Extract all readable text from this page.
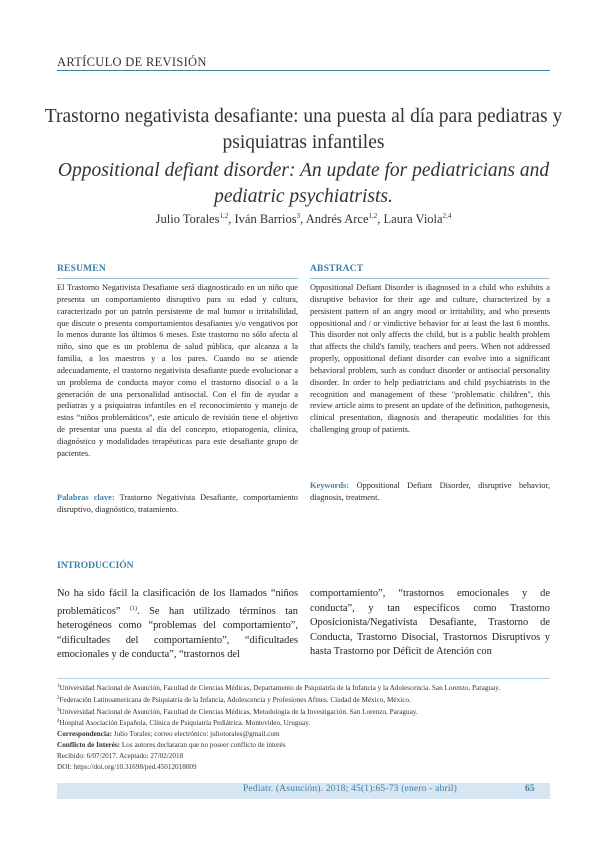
ARTÍCULO DE REVISIÓN
Trastorno negativista desafiante: una puesta al día para pediatras y psiquiatras infantiles
Oppositional defiant disorder: An update for pediatricians and pediatric psychiatrists.
Julio Torales$^{1,2}$, Iván Barrios$^3$, Andrés Arce$^{1,2}$, Laura Viola$^{2,4}$
RESUMEN
El Trastorno Negativista Desafiante será diagnosticado en un niño que presenta un comportamiento disruptivo para su edad y cultura, caracterizado por un patrón persistente de mal humor o irritabilidad, que discute o presenta comportamientos desafiantes y/o vengativos por lo menos durante los últimos 6 meses. Este trastorno no sólo afecta al niño, sino que es un problema de salud pública, que alcanza a la familia, a los maestros y a los pares. Cuando no se atiende adecuadamente, el trastorno negativista desafiante puede evolucionar a un problema de conducta mayor como el trastorno disocial o a la generación de una personalidad antisocial. Con el fin de ayudar a pediatras y a psiquiatras infantiles en el reconocimiento y manejo de estos “niños problemáticos”, este artículo de revisión tiene el objetivo de presentar una puesta al día del concepto, etiopatogenia, clínica, diagnóstico y modalidades terapéuticas para este desafiante grupo de pacientes.
Palabras clave: Trastorno Negativista Desafiante, comportamiento disruptivo, diagnóstico, tratamiento.
ABSTRACT
Oppositional Defiant Disorder is diagnosed in a child who exhibits a disruptive behavior for their age and culture, characterized by a persistent pattern of an angry mood or irritability, and who presents oppositional and / or vindictive behavior for at least the last 6 months. This disorder not only affects the child, but is a public health problem that affects the child's family, teachers and peers. When not addressed properly, oppositional defiant disorder can evolve into a significant behavioral problem, such as conduct disorder or antisocial personality disorder. In order to help pediatricians and child psychiatrists in the recognition and management of these "problematic children", this review article aims to present an update of the definition, pathogenesis, clinical presentation, diagnosis and therapeutic modalities for this challenging group of patients.
Keywords: Oppositional Defiant Disorder, disruptive behavior, diagnosis, treatment.
INTRODUCCIÓN
No ha sido fácil la clasificación de los llamados “niños problemáticos” $^{(1)}$. Se han utilizado términos tan heterogéneos como “problemas del comportamiento”, “dificultades del comportamiento”, “dificultades emocionales y de conducta”, “trastornos del
comportamiento”, “trastornos emocionales y de conducta”, y tan específicos como Trastorno Oposicionista/Negativista Desafiante, Trastorno de Conducta, Trastorno Disocial, Trastornos Disruptivos y hasta Trastorno por Déficit de Atención con
$^1$Universidad Nacional de Asunción, Facultad de Ciencias Médicas, Departamento de Psiquiatría de la Infancia y la Adolescencia. San Lorenzo, Paraguay.
$^2$Federación Latinoamericana de Psiquiatría de la Infancia, Adolescencia y Profesiones Afines. Ciudad de México, México.
$^3$Universidad Nacional de Asunción, Facultad de Ciencias Médicas, Metodología de la Investigación. San Lorenzo, Paraguay.
$^4$Hospital Asociación Española, Clínica de Psiquiatría Pediátrica. Montevideo, Uruguay.
Correspondencia: Julio Torales; correo electrónico: juliotorales@gmail.com
Conflicto de Interés: Los autores declararan que no poseer conflicto de interés
Recibido: 6/07/2017. Aceptado: 27/02/2018
DOI: https://doi.org/10.31698/ped.45012018009
Pediatr. (Asunción). 2018; 45(1):65-73 (enero - abril)	65
